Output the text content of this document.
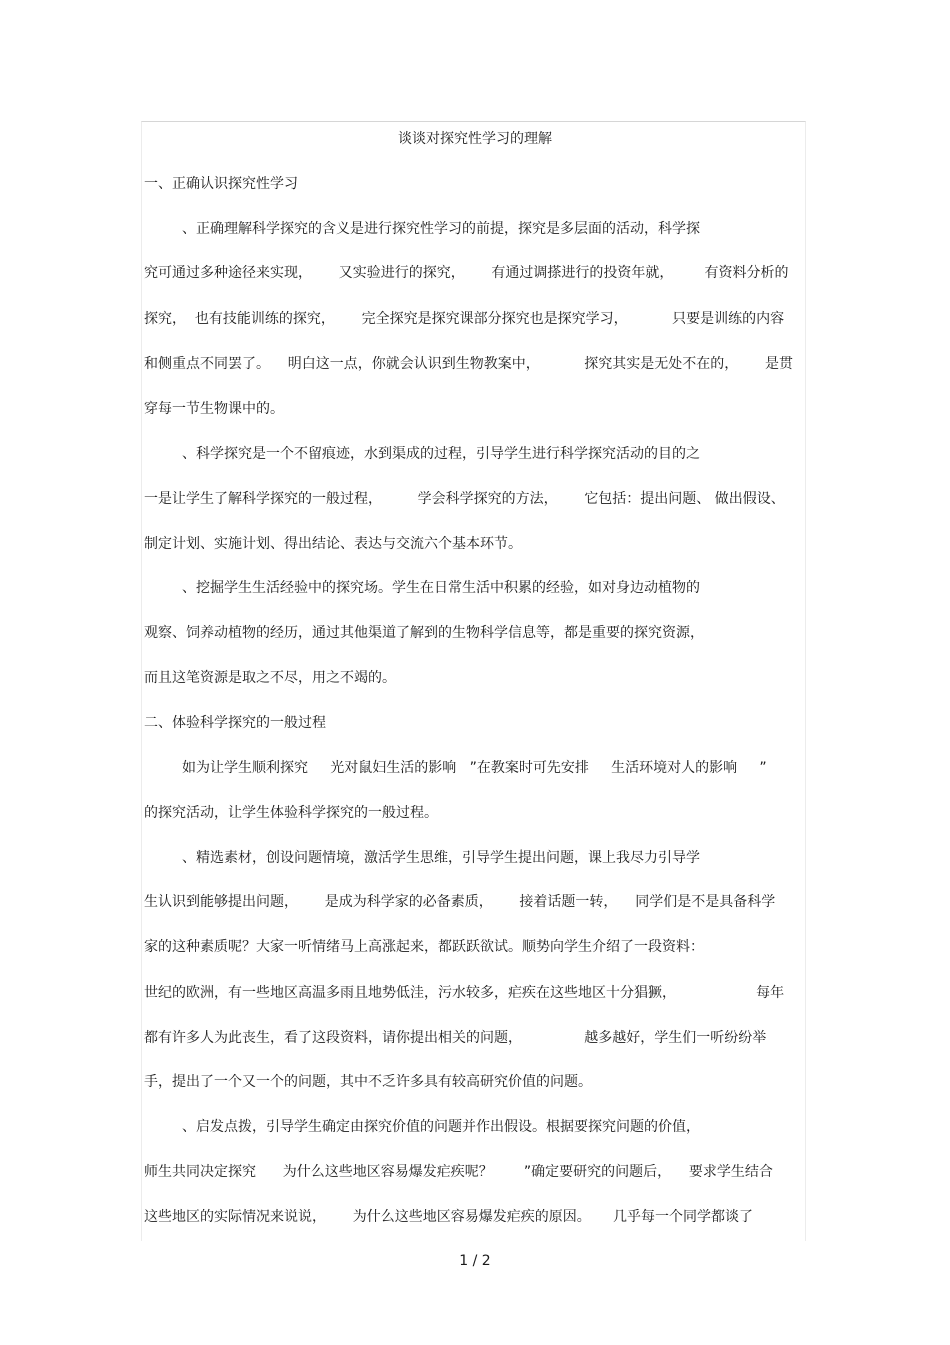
谈谈对探究性学习的理解
一、正确认识探究性学习
、正确理解科学探究的含义是进行探究性学习的前提，探究是多层面的活动，科学探
究可通过多种途径来实现，      又实验进行的探究，      有通过调搽进行的投资年就，       有资料分析的
探究，  也有技能训练的探究，      完全探究是探究课部分探究也是探究学习，          只要是训练的内容
和侧重点不同罢了。    明白这一点，你就会认识到生物教案中，          探究其实是无处不在的，      是贯
穿每一节生物课中的。
、科学探究是一个不留痕迹，水到渠成的过程，引导学生进行科学探究活动的目的之
一是让学生了解科学探究的一般过程，        学会科学探究的方法，      它包括：提出问题、 做出假设、
制定计划、实施计划、得出结论、表达与交流六个基本环节。
、挖掘学生生活经验中的探究场。学生在日常生活中积累的经验，如对身边动植物的
观察、饲养动植物的经历，通过其他渠道了解到的生物科学信息等，都是重要的探究资源，
而且这笔资源是取之不尽，用之不竭的。
二、体验科学探究的一般过程
如为让学生顺利探究     光对鼠妇生活的影响   ”在教案时可先安排     生活环境对人的影响     ”
的探究活动，让学生体验科学探究的一般过程。
、精选素材，创设问题情境，激活学生思维，引导学生提出问题，课上我尽力引导学
生认识到能够提出问题，      是成为科学家的必备素质，      接着话题一转，    同学们是不是具备科学
家的这种素质呢？大家一听情绪马上高涨起来，都跃跃欲试。顺势向学生介绍了一段资料：
世纪的欧洲，有一些地区高温多雨且地势低洼，污水较多，疟疾在这些地区十分猖獗，                  每年
都有许多人为此丧生，看了这段资料，请你提出相关的问题，              越多越好，学生们一听纷纷举
手，提出了一个又一个的问题，其中不乏许多具有较高研究价值的问题。
、启发点拨，引导学生确定由探究价值的问题并作出假设。根据要探究问题的价值，
师生共同决定探究      为什么这些地区容易爆发疟疾呢？       ”确定要研究的问题后，    要求学生结合
这些地区的实际情况来说说，      为什么这些地区容易爆发疟疾的原因。     几乎每一个同学都谈了
1 / 2
